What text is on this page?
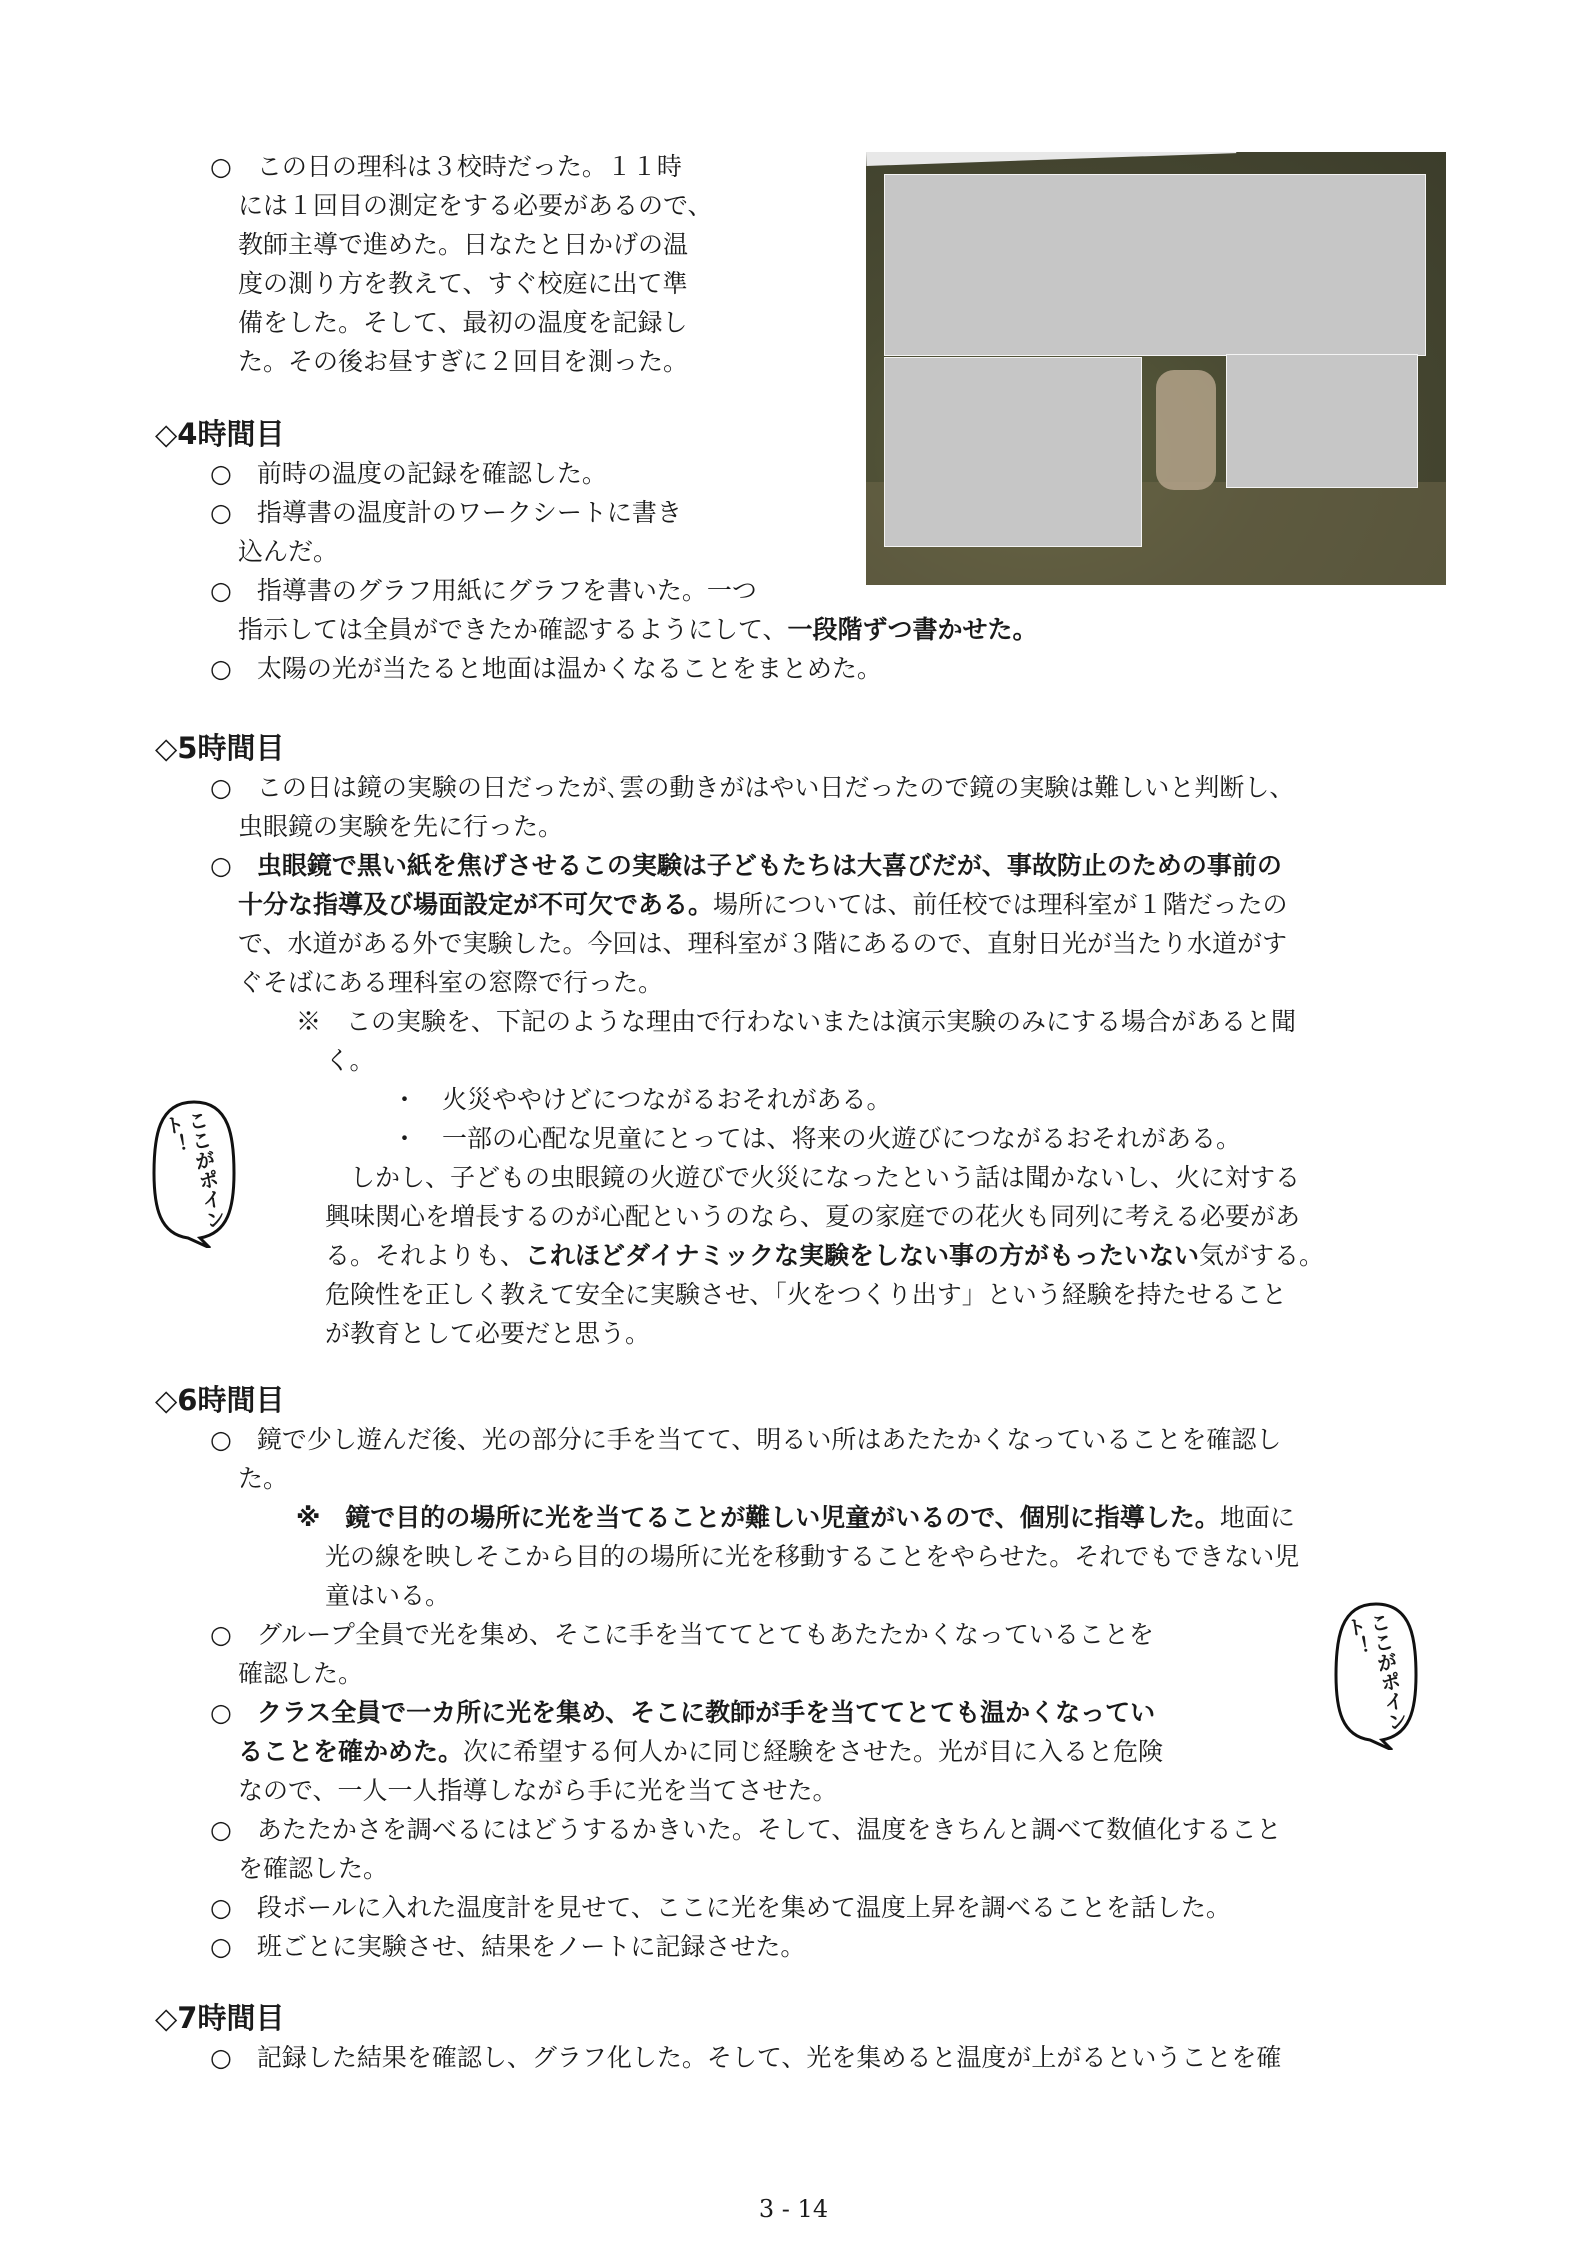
○　この日の理科は３校時だった。１１時

には１回目の測定をする必要があるので、

教師主導で進めた。日なたと日かげの温

度の測り方を教えて、すぐ校庭に出て準

備をした。そして、最初の温度を記録し

た。その後お昼すぎに２回目を測った。

◇4時間目

○　前時の温度の記録を確認した。

○　指導書の温度計のワークシートに書き

込んだ。

○　指導書のグラフ用紙にグラフを書いた。一つ

指示しては全員ができたか確認するようにして、一段階ずつ書かせた。

○　太陽の光が当たると地面は温かくなることをまとめた。

◇5時間目

○　この日は鏡の実験の日だったが､雲の動きがはやい日だったので鏡の実験は難しいと判断し、

虫眼鏡の実験を先に行った。

○　虫眼鏡で黒い紙を焦げさせるこの実験は子どもたちは大喜びだが、事故防止のための事前の

十分な指導及び場面設定が不可欠である。場所については、前任校では理科室が１階だったの

で、水道がある外で実験した。今回は、理科室が３階にあるので、直射日光が当たり水道がす

ぐそばにある理科室の窓際で行った。

※　この実験を、下記のような理由で行わないまたは演示実験のみにする場合があると聞

く。

・　火災ややけどにつながるおそれがある。

・　一部の心配な児童にとっては、将来の火遊びにつながるおそれがある。

しかし、子どもの虫眼鏡の火遊びで火災になったという話は聞かないし、火に対する

興味関心を増長するのが心配というのなら、夏の家庭での花火も同列に考える必要があ

る。それよりも、これほどダイナミックな実験をしない事の方がもったいない気がする。

危険性を正しく教えて安全に実験させ、「火をつくり出す」という経験を持たせること

が教育として必要だと思う。

ここがポイント！
◇6時間目

○　鏡で少し遊んだ後、光の部分に手を当てて、明るい所はあたたかくなっていることを確認し

た。

※　鏡で目的の場所に光を当てることが難しい児童がいるので、個別に指導した。地面に

光の線を映しそこから目的の場所に光を移動することをやらせた。それでもできない児

童はいる。

○　グループ全員で光を集め、そこに手を当ててとてもあたたかくなっていることを

確認した。

○　クラス全員で一カ所に光を集め、そこに教師が手を当ててとても温かくなってい

ることを確かめた。次に希望する何人かに同じ経験をさせた。光が目に入ると危険

なので、一人一人指導しながら手に光を当てさせた。

○　あたたかさを調べるにはどうするかきいた。そして、温度をきちんと調べて数値化すること

を確認した。

○　段ボールに入れた温度計を見せて、ここに光を集めて温度上昇を調べることを話した。

○　班ごとに実験させ、結果をノートに記録させた。

ここがポイント！
◇7時間目

○　記録した結果を確認し、グラフ化した。そして、光を集めると温度が上がるということを確

3 - 14
